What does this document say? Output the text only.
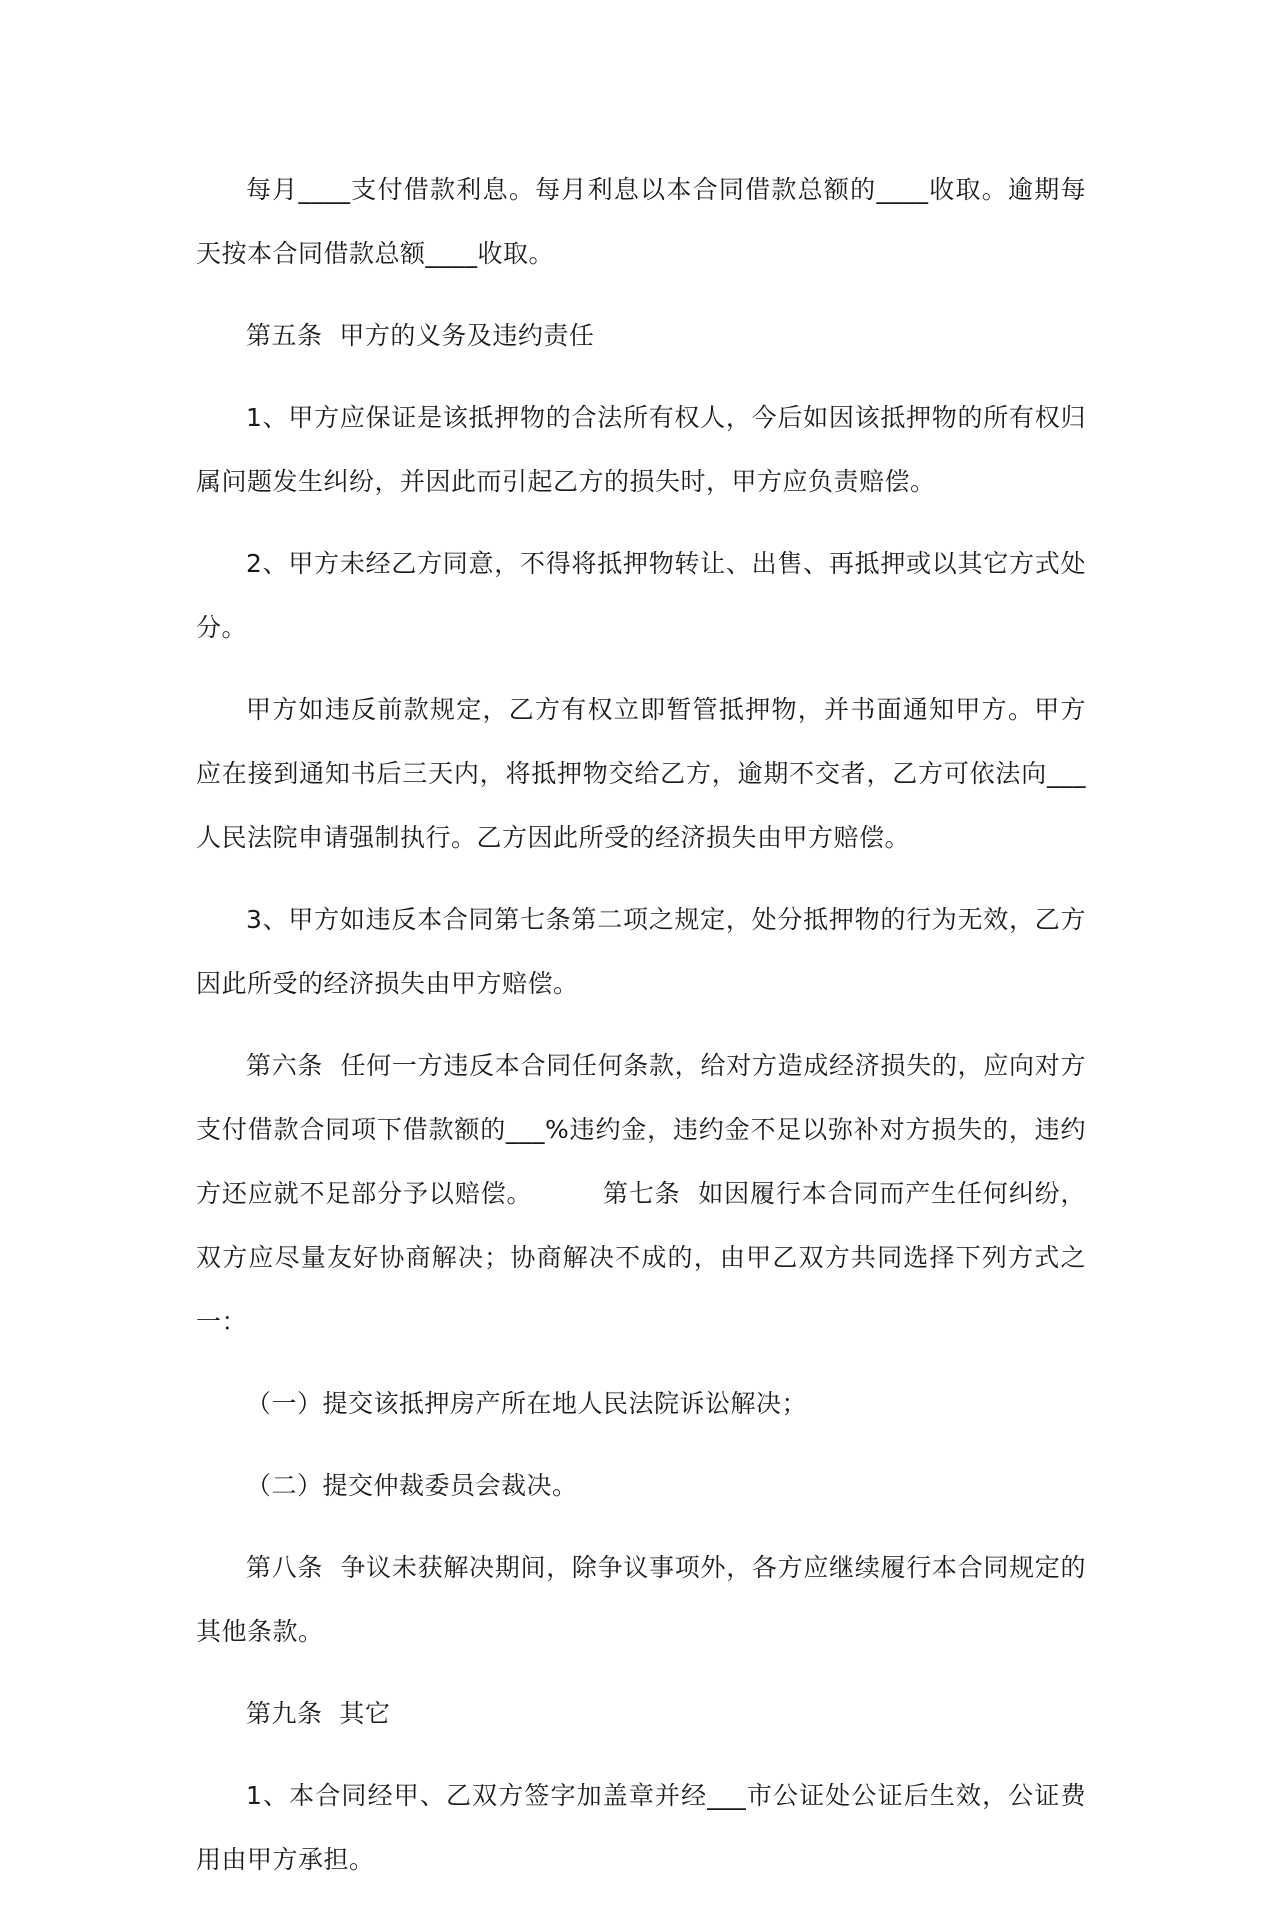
每月____支付借款利息。每月利息以本合同借款总额的____收取。逾期每天按本合同借款总额____收取。

第五条  甲方的义务及违约责任

1、甲方应保证是该抵押物的合法所有权人，今后如因该抵押物的所有权归属问题发生纠纷，并因此而引起乙方的损失时，甲方应负责赔偿。

2、甲方未经乙方同意，不得将抵押物转让、出售、再抵押或以其它方式处分。

甲方如违反前款规定，乙方有权立即暂管抵押物，并书面通知甲方。甲方应在接到通知书后三天内，将抵押物交给乙方，逾期不交者，乙方可依法向___人民法院申请强制执行。乙方因此所受的经济损失由甲方赔偿。

3、甲方如违反本合同第七条第二项之规定，处分抵押物的行为无效，乙方因此所受的经济损失由甲方赔偿。

第六条  任何一方违反本合同任何条款，给对方造成经济损失的，应向对方支付借款合同项下借款额的___%违约金，违约金不足以弥补对方损失的，违约方还应就不足部分予以赔偿。        第七条  如因履行本合同而产生任何纠纷，双方应尽量友好协商解决；协商解决不成的，由甲乙双方共同选择下列方式之一：

（一）提交该抵押房产所在地人民法院诉讼解决；

（二）提交仲裁委员会裁决。

第八条  争议未获解决期间，除争议事项外，各方应继续履行本合同规定的其他条款。

第九条  其它

1、本合同经甲、乙双方签字加盖章并经___市公证处公证后生效，公证费用由甲方承担。
